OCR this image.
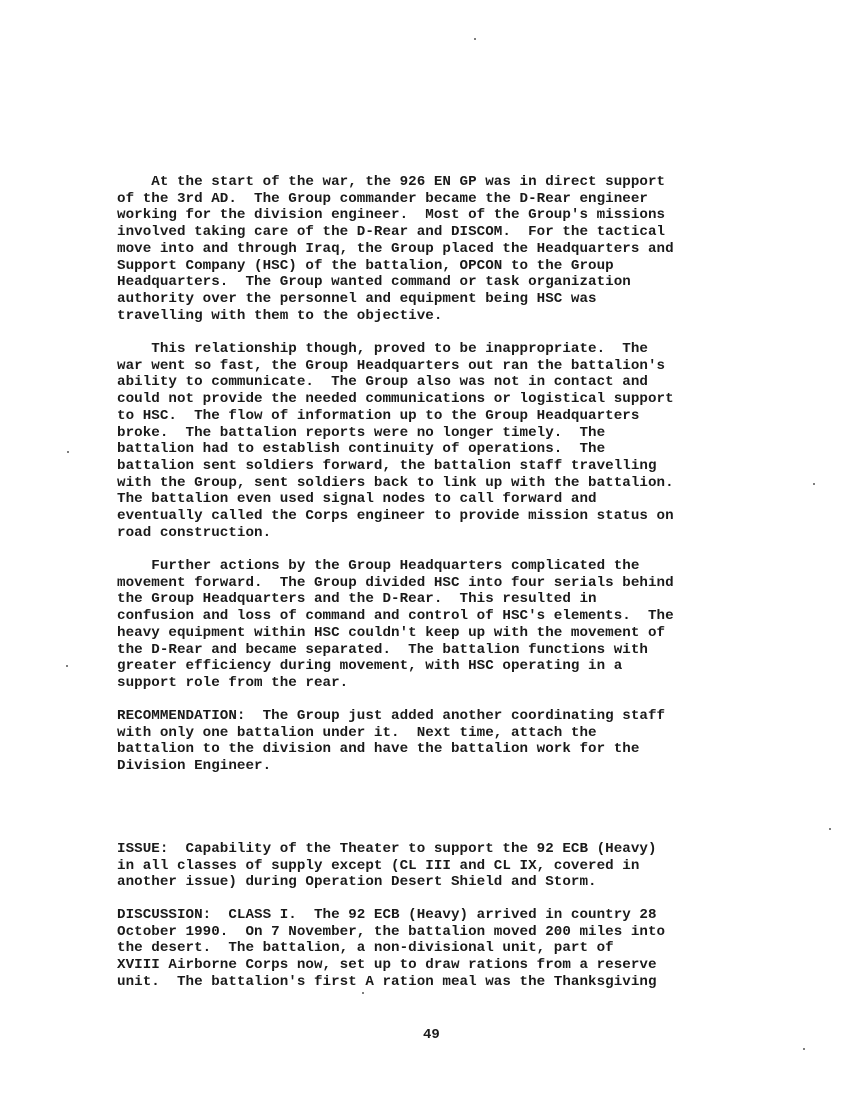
At the start of the war, the 926 EN GP was in direct support
of the 3rd AD.  The Group commander became the D-Rear engineer
working for the division engineer.  Most of the Group's missions
involved taking care of the D-Rear and DISCOM.  For the tactical
move into and through Iraq, the Group placed the Headquarters and
Support Company (HSC) of the battalion, OPCON to the Group
Headquarters.  The Group wanted command or task organization
authority over the personnel and equipment being HSC was
travelling with them to the objective.

This relationship though, proved to be inappropriate.  The
war went so fast, the Group Headquarters out ran the battalion's
ability to communicate.  The Group also was not in contact and
could not provide the needed communications or logistical support
to HSC.  The flow of information up to the Group Headquarters
broke.  The battalion reports were no longer timely.  The
battalion had to establish continuity of operations.  The
battalion sent soldiers forward, the battalion staff travelling
with the Group, sent soldiers back to link up with the battalion.
The battalion even used signal nodes to call forward and
eventually called the Corps engineer to provide mission status on
road construction.

Further actions by the Group Headquarters complicated the
movement forward.  The Group divided HSC into four serials behind
the Group Headquarters and the D-Rear.  This resulted in
confusion and loss of command and control of HSC's elements.  The
heavy equipment within HSC couldn't keep up with the movement of
the D-Rear and became separated.  The battalion functions with
greater efficiency during movement, with HSC operating in a
support role from the rear.

RECOMMENDATION:  The Group just added another coordinating staff
with only one battalion under it.  Next time, attach the
battalion to the division and have the battalion work for the
Division Engineer.

ISSUE:  Capability of the Theater to support the 92 ECB (Heavy)
in all classes of supply except (CL III and CL IX, covered in
another issue) during Operation Desert Shield and Storm.

DISCUSSION:  CLASS I.  The 92 ECB (Heavy) arrived in country 28
October 1990.  On 7 November, the battalion moved 200 miles into
the desert.  The battalion, a non-divisional unit, part of
XVIII Airborne Corps now, set up to draw rations from a reserve
unit.  The battalion's first A ration meal was the Thanksgiving

49
